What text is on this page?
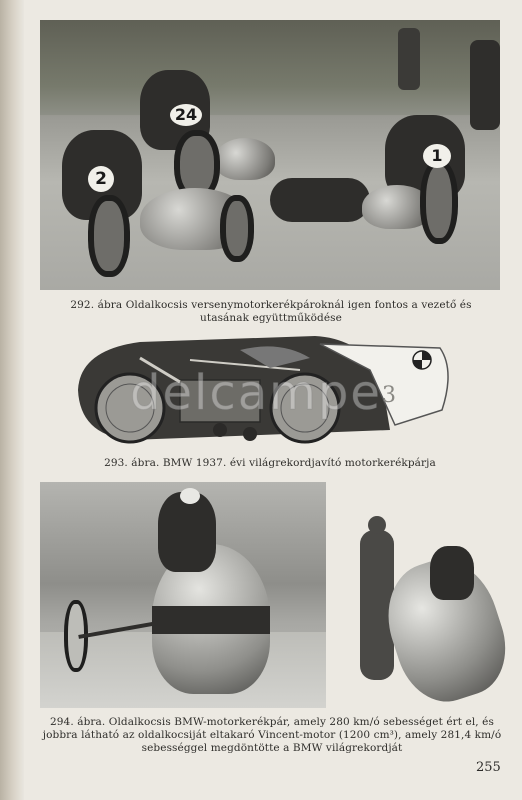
24
2
1
292. ábra Oldalkocsis versenymotorkerékpároknál igen fontos a vezető és utasának együttműködése
3
delcampe
293. ábra. BMW 1937. évi világrekordjavító motorkerékpárja
294. ábra. Oldalkocsis BMW-motorkerékpár, amely 280 km/ó sebességet ért el, és jobbra látható az oldalkocsiját eltakaró Vincent-motor (1200 cm³), amely 281,4 km/ó sebességgel megdöntötte a BMW világrekordját
255
